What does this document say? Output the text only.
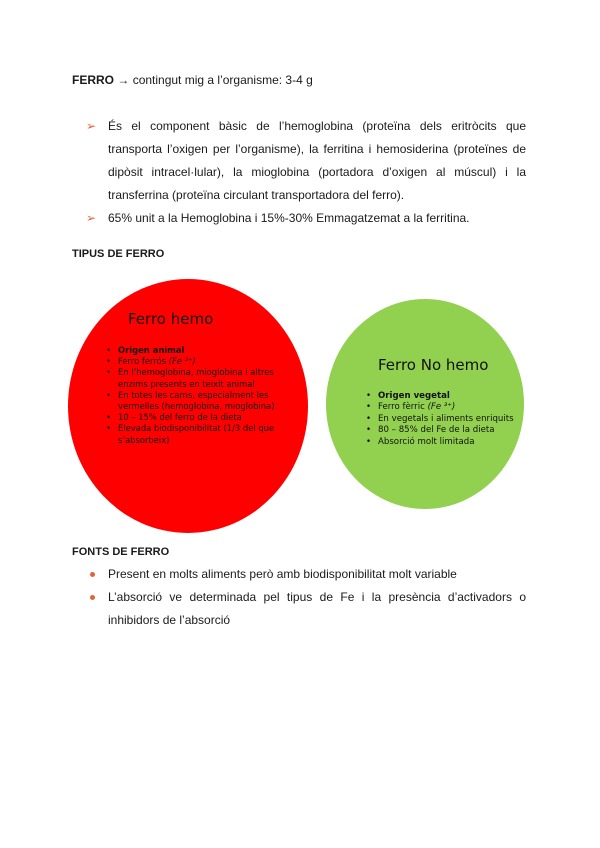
FERRO → contingut mig a l’organisme: 3-4 g
➢ És el component bàsic de l’hemoglobina (proteïna dels eritròcits que transporta l’oxigen per l’organisme), la ferritina i hemosiderina (proteïnes de dipòsit intracel·lular), la mioglobina (portadora d’oxigen al múscul) i la transferrina (proteïna circulant transportadora del ferro).
➢ 65% unit a la Hemoglobina i 15%-30% Emmagatzemat a la ferritina.
TIPUS DE FERRO
Ferro hemo
• Origen animal
• Ferro ferrós (Fe ²⁺)
• En l’hemoglobina, mioglobina i altres enzims presents en teixit animal
• En totes les carns, especialment les vermelles (hemoglobina, mioglobina)
• 10 – 15% del ferro de la dieta
• Elevada biodisponibilitat (1/3 del que s’absorbeix)
Ferro No hemo
• Origen vegetal
• Ferro fèrric (Fe ³⁺)
• En vegetals i aliments enriquits
• 80 – 85% del Fe de la dieta
• Absorció molt limitada
FONTS DE FERRO
Present en molts aliments però amb biodisponibilitat molt variable
L’absorció ve determinada pel tipus de Fe i la presència d’activadors o inhibidors de l’absorció
